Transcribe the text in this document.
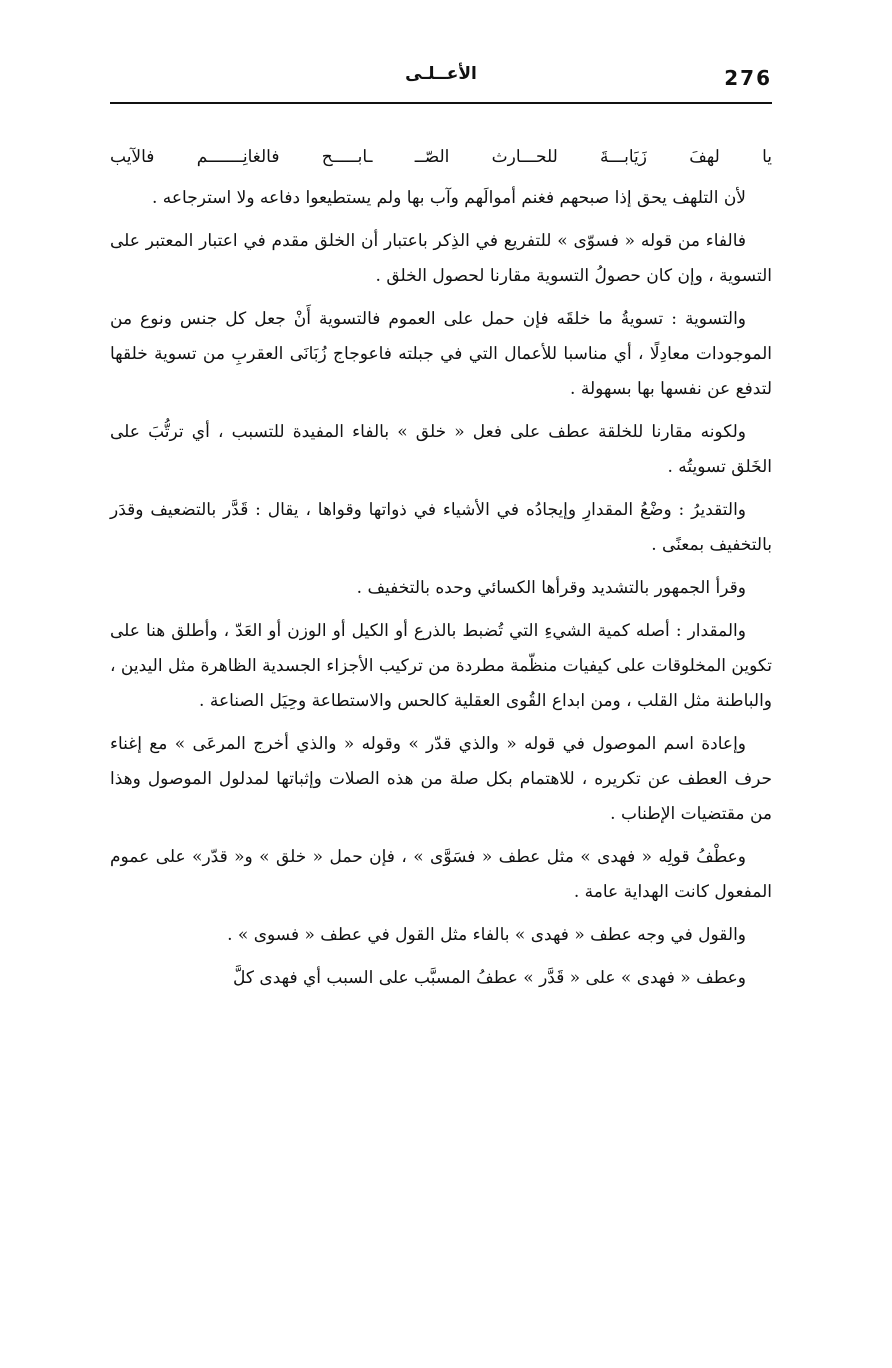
276
الأعــلـى

يا لهفَ زَيَابـــةَ للحـــارث الصّــ ـابـــــح فالغانِـــــــم فالآيب

لأن التلهف يحق إذا صبحهم فغنم أموالَهم وآب بها ولم يستطيعوا دفاعه ولا استرجاعه .

فالفاء من قوله « فسوّى » للتفريع في الذِكر باعتبار أن الخلق مقدم في اعتبار المعتبر على التسوية ، وإن كان حصولُ التسوية مقارنا لحصول الخلق .

والتسوية : تسويةُ ما خلقَه فإن حمل على العموم فالتسوية أَنْ جعل كل جنس ونوع من الموجودات معادِلًا ، أي مناسبا للأعمال التي في جبلته فاعوجاج زُبَانَى العقربِ من تسوية خلقها لتدفع عن نفسها بها بسهولة .

ولكونه مقارنا للخلقة عطف على فعل « خلق » بالفاء المفيدة للتسبب ، أي ترتُّبَ على الخَلق تسويتُه .

والتقديرُ : وضْعُ المقدارِ وإيجادُه في الأشياء في ذواتها وقواها ، يقال : قَدَّر بالتضعيف وقدَر بالتخفيف بمعنًى .

وقرأ الجمهور بالتشديد وقرأها الكسائي وحده بالتخفيف .

والمقدار : أصله كمية الشيءِ التي تُضبط بالذرع أو الكيل أو الوزن أو العَدّ ، وأطلق هنا على تكوين المخلوقات على كيفيات منظّمة مطردة من تركيب الأجزاء الجسدية الظاهرة مثل اليدين ، والباطنة مثل القلب ، ومن ابداع القُوى العقلية كالحس والاستطاعة وحِيَل الصناعة .

وإعادة اسم الموصول في قوله « والذي قدّر » وقوله « والذي أخرج المرعَى » مع إغناء حرف العطف عن تكريره ، للاهتمام بكل صلة من هذه الصلات وإثباتها لمدلول الموصول وهذا من مقتضيات الإطناب .

وعطْفُ قولِه « فهدى » مثل عطف « فسَوَّى » ، فإن حمل « خلق » و« قدّر» على عموم المفعول كانت الهداية عامة .

والقول في وجه عطف « فهدى » بالفاء مثل القول في عطف « فسوى » .

وعطف « فهدى » على « قَدَّر » عطفُ المسبَّب على السبب أي فهدى كلَّ
